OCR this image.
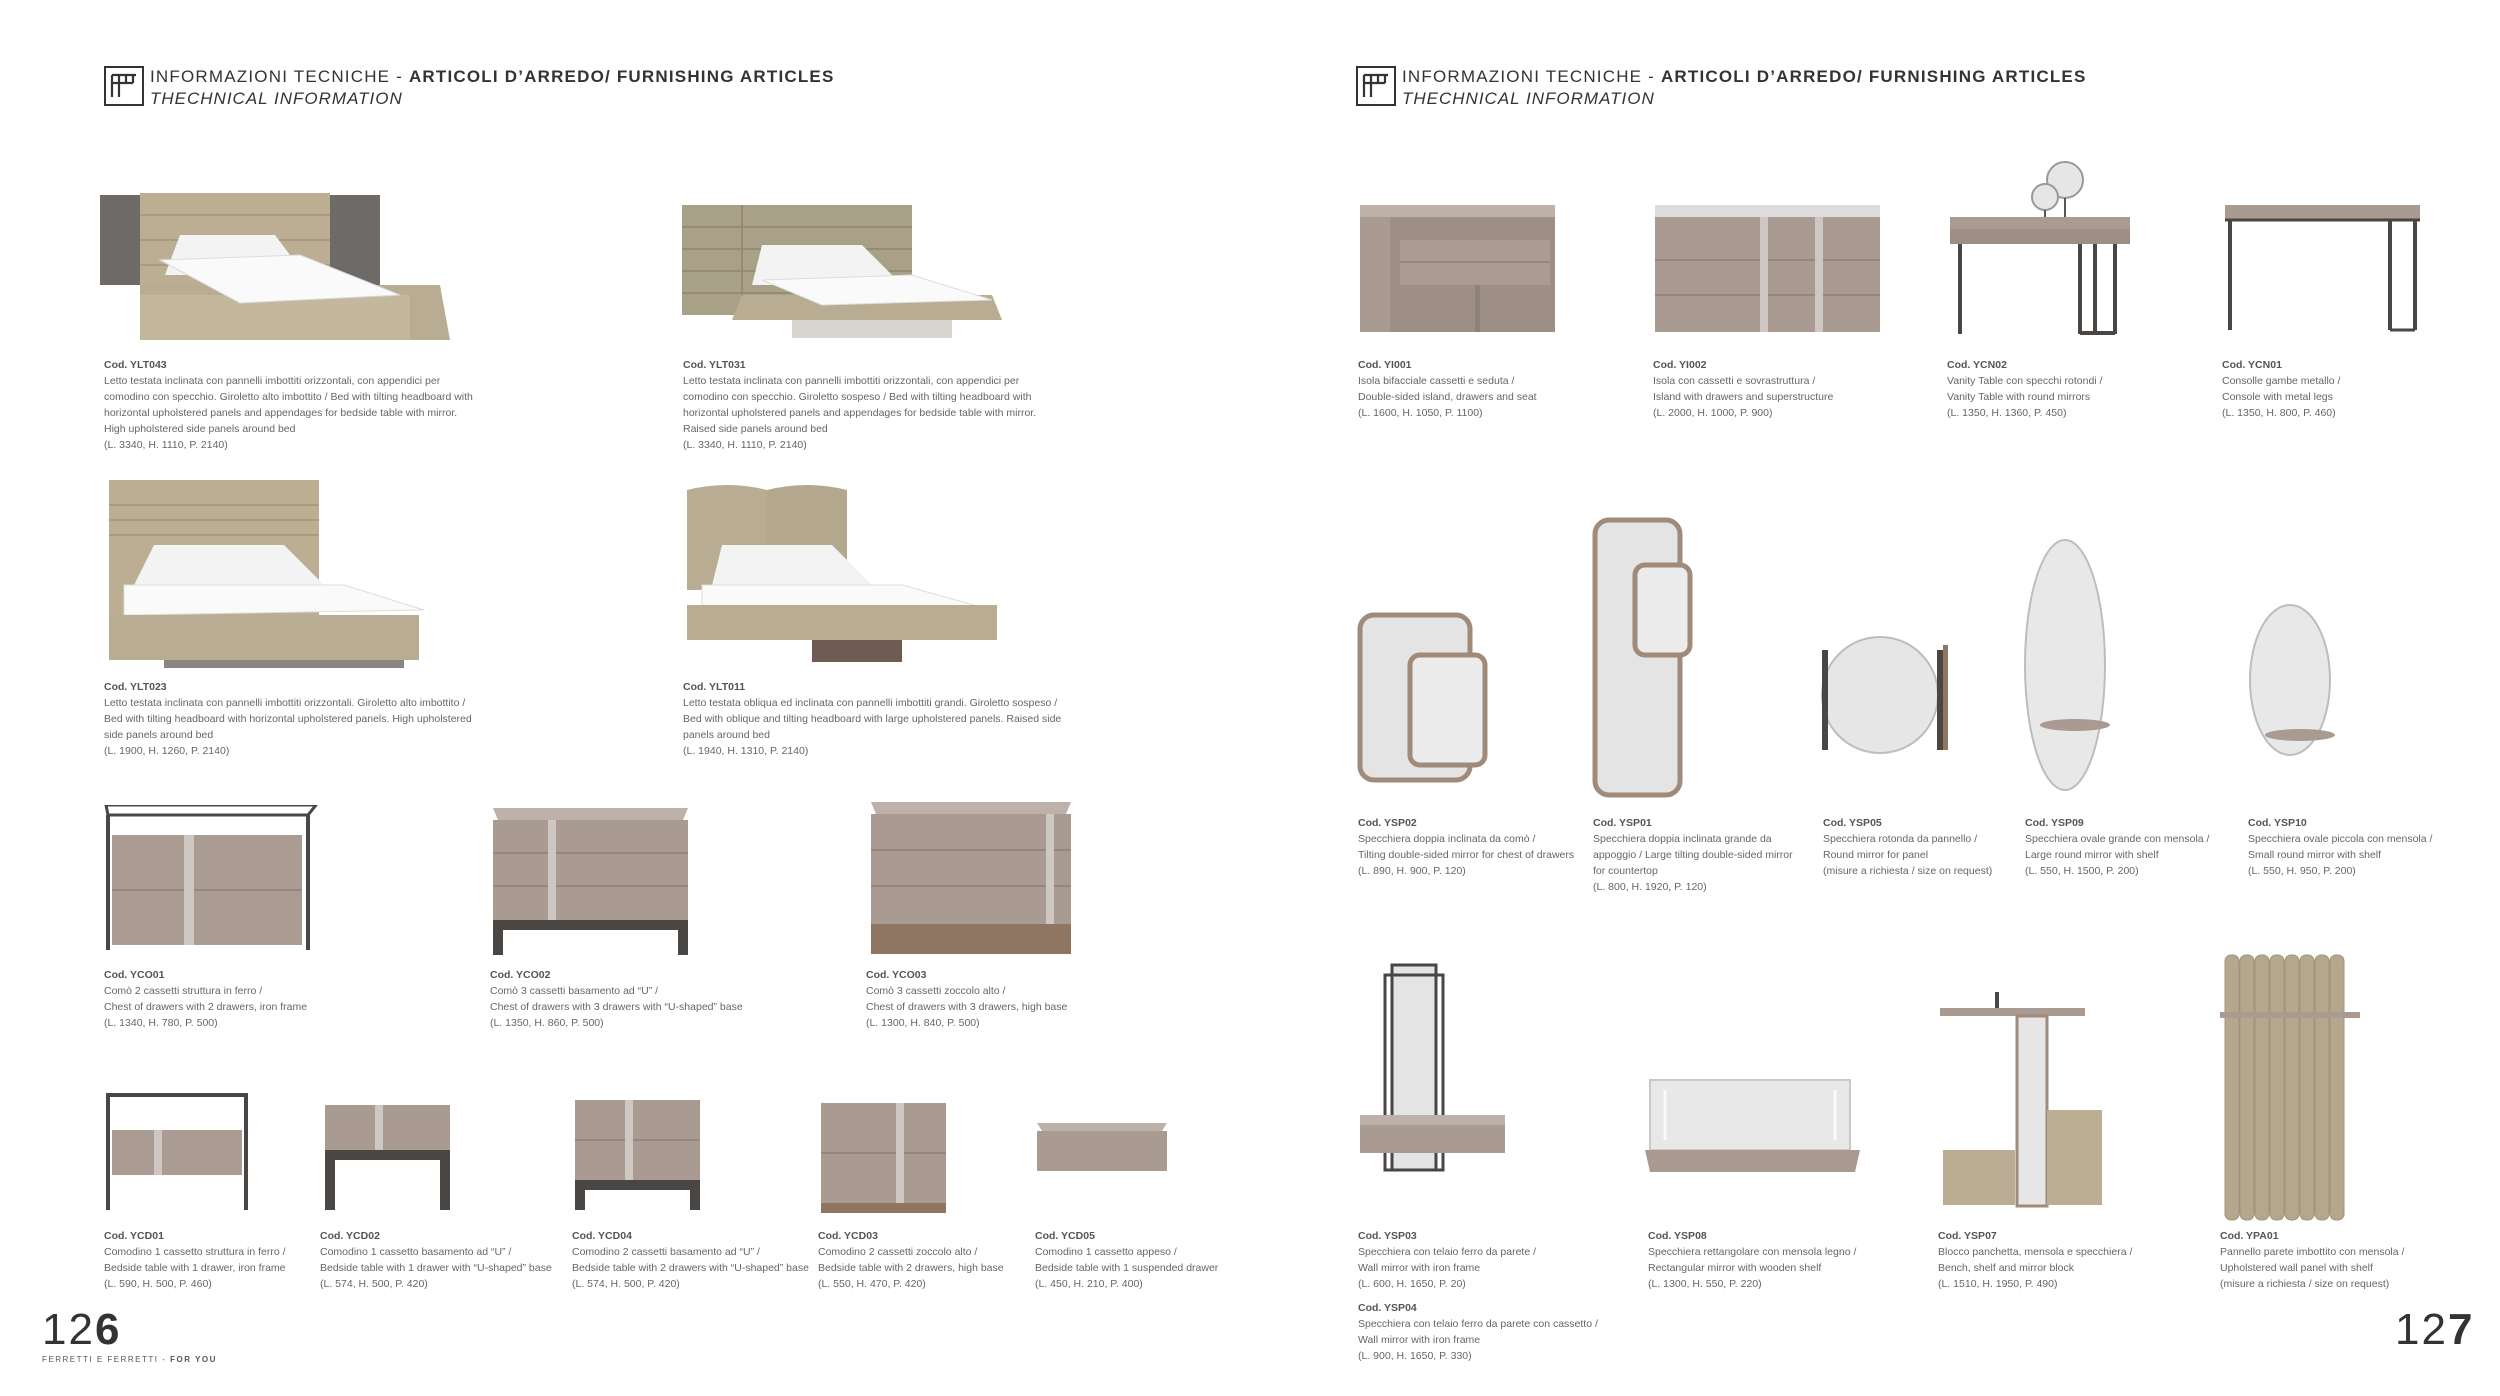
INFORMAZIONI TECNICHE - ARTICOLI D’ARREDO/ FURNISHING ARTICLES
THECHNICAL INFORMATION
Cod. YLT043
Letto testata inclinata con pannelli imbottiti orizzontali, con appendici per
comodino con specchio. Giroletto alto imbottito / Bed with tilting headboard with
horizontal upholstered panels and appendages for bedside table with mirror.
High upholstered side panels around bed
(L. 3340, H. 1110, P. 2140)
Cod. YLT031
Letto testata inclinata con pannelli imbottiti orizzontali, con appendici per
comodino con specchio. Giroletto sospeso / Bed with tilting headboard with
horizontal upholstered panels and appendages for bedside table with mirror.
Raised side panels around bed
(L. 3340, H. 1110, P. 2140)
Cod. YLT023
Letto testata inclinata con pannelli imbottiti orizzontali. Giroletto alto imbottito /
Bed with tilting headboard with horizontal upholstered panels. High upholstered
side panels around bed
(L. 1900, H. 1260, P. 2140)
Cod. YLT011
Letto testata obliqua ed inclinata con pannelli imbottiti grandi. Giroletto sospeso /
Bed with oblique and tilting headboard with large upholstered panels. Raised side
panels around bed
(L. 1940, H. 1310, P. 2140)
Cod. YCO01
Comò 2 cassetti struttura in ferro /
Chest of drawers with 2 drawers, iron frame
(L. 1340, H. 780, P. 500)
Cod. YCO02
Comò 3 cassetti basamento ad “U” /
Chest of drawers with 3 drawers with “U-shaped” base
(L. 1350, H. 860, P. 500)
Cod. YCO03
Comò 3 cassetti zoccolo alto /
Chest of drawers with 3 drawers, high base
(L. 1300, H. 840, P. 500)
Cod. YCD01
Comodino 1 cassetto struttura in ferro /
Bedside table with 1 drawer, iron frame
(L. 590, H. 500, P. 460)
Cod. YCD02
Comodino 1 cassetto basamento ad “U” /
Bedside table with 1 drawer with “U-shaped” base
(L. 574, H. 500, P. 420)
Cod. YCD04
Comodino 2 cassetti basamento ad “U” /
Bedside table with 2 drawers with “U-shaped” base
(L. 574, H. 500, P. 420)
Cod. YCD03
Comodino 2 cassetti zoccolo alto /
Bedside table with 2 drawers, high base
(L. 550, H. 470, P. 420)
Cod. YCD05
Comodino 1 cassetto appeso /
Bedside table with 1 suspended drawer
(L. 450, H. 210, P. 400)
126
FERRETTI E FERRETTI - FOR YOU
INFORMAZIONI TECNICHE - ARTICOLI D’ARREDO/ FURNISHING ARTICLES
THECHNICAL INFORMATION
Cod. YI001
Isola bifacciale cassetti e seduta /
Double-sided island, drawers and seat
(L. 1600, H. 1050, P. 1100)
Cod. YI002
Isola con cassetti e sovrastruttura /
Island with drawers and superstructure
(L. 2000, H. 1000, P. 900)
Cod. YCN02
Vanity Table con specchi rotondi /
Vanity Table with round mirrors
(L. 1350, H. 1360, P. 450)
Cod. YCN01
Consolle gambe metallo /
Console with metal legs
(L. 1350, H. 800, P. 460)
Cod. YSP02
Specchiera doppia inclinata da comò /
Tilting double-sided mirror for chest of drawers
(L. 890, H. 900, P. 120)
Cod. YSP01
Specchiera doppia inclinata grande da
appoggio / Large tilting double-sided mirror
for countertop
(L. 800, H. 1920, P. 120)
Cod. YSP05
Specchiera rotonda da pannello /
Round mirror for panel
(misure a richiesta / size on request)
Cod. YSP09
Specchiera ovale grande con mensola /
Large round mirror with shelf
(L. 550, H. 1500, P. 200)
Cod. YSP10
Specchiera ovale piccola con mensola /
Small round mirror with shelf
(L. 550, H. 950, P. 200)
Cod. YSP03
Specchiera con telaio ferro da parete /
Wall mirror with iron frame
(L. 600, H. 1650, P. 20)
Cod. YSP04
Specchiera con telaio ferro da parete con cassetto /
Wall mirror with iron frame
(L. 900, H. 1650, P. 330)
Cod. YSP08
Specchiera rettangolare con mensola legno /
Rectangular mirror with wooden shelf
(L. 1300, H. 550, P. 220)
Cod. YSP07
Blocco panchetta, mensola e specchiera /
Bench, shelf and mirror block
(L. 1510, H. 1950, P. 490)
Cod. YPA01
Pannello parete imbottito con mensola /
Upholstered wall panel with shelf
(misure a richiesta / size on request)
127
